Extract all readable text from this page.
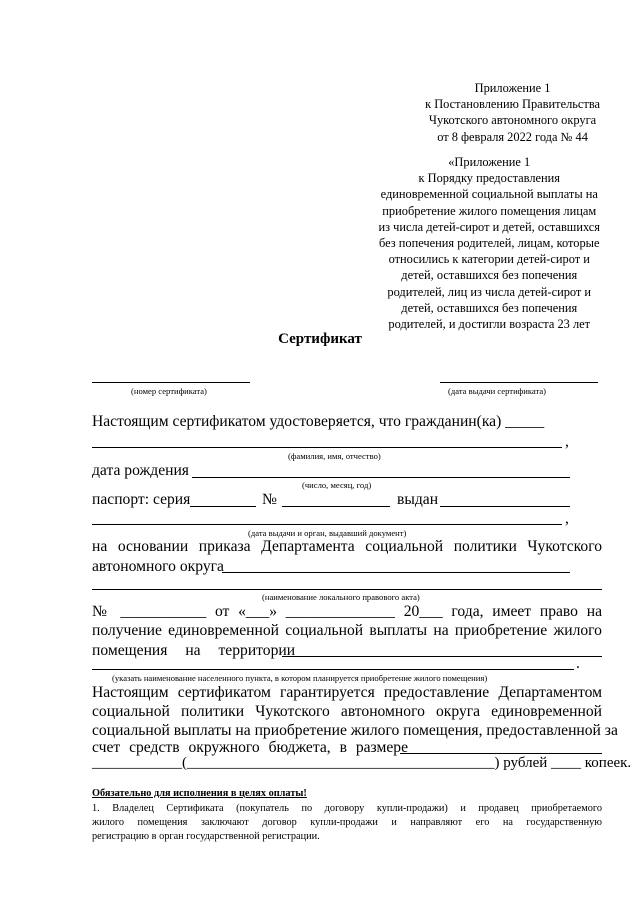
Приложение 1
к Постановлению Правительства
Чукотского автономного округа
от 8 февраля 2022 года № 44
«Приложение 1
к Порядку предоставления
единовременной социальной выплаты на
приобретение жилого помещения лицам
из числа детей-сирот и детей, оставшихся
без попечения родителей, лицам, которые
относились к категории детей-сирот и
детей, оставшихся без попечения
родителей, лиц из числа детей-сирот и
детей, оставшихся без попечения
родителей, и достигли возраста 23 лет
Сертификат
(номер сертификата)	(дата выдачи сертификата)
Настоящим сертификатом удостоверяется, что гражданин(ка) _____
,
(фамилия, имя, отчество)
дата рождения
(число, месяц, год)
паспорт: серия	№	выдан
,
(дата выдачи и орган, выдавший документ)
на основании приказа Департамента социальной политики Чукотского
автономного округа
(наименование локального правового акта)
№ ___________ от «___» ______________ 20___ года, имеет право на
получение единовременной социальной выплаты на приобретение жилого
помещения на территории
.
(указать наименование населенного пункта, в котором планируется приобретение жилого помещения)
Настоящим сертификатом гарантируется предоставление Департаментом
социальной политики Чукотского автономного округа единовременной
социальной выплаты на приобретение жилого помещения, предоставленной за
счет средств окружного бюджета, в размере
____________(_________________________________________) рублей ____ копеек.
Обязательно для исполнения в целях оплаты!
1. Владелец Сертификата (покупатель по договору купли-продажи) и продавец приобретаемого
жилого помещения заключают договор купли-продажи и направляют его на государственную
регистрацию в орган государственной регистрации.
